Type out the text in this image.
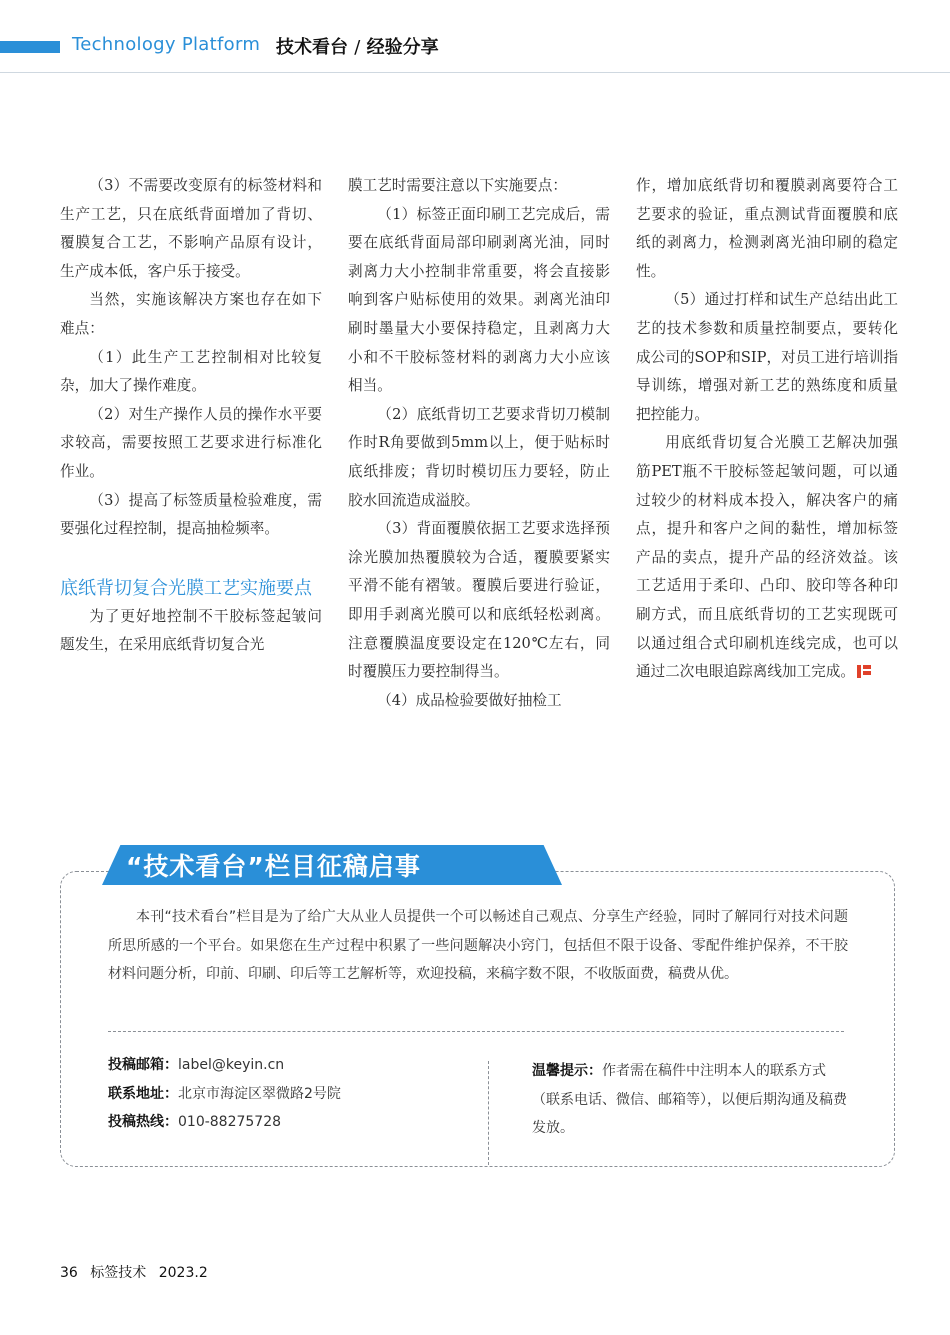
Technology Platform 技术看台 / 经验分享

（3）不需要改变原有的标签材料和生产工艺，只在底纸背面增加了背切、覆膜复合工艺，不影响产品原有设计，生产成本低，客户乐于接受。

当然，实施该解决方案也存在如下难点：

（1）此生产工艺控制相对比较复杂，加大了操作难度。

（2）对生产操作人员的操作水平要求较高，需要按照工艺要求进行标准化作业。

（3）提高了标签质量检验难度，需要强化过程控制，提高抽检频率。

底纸背切复合光膜工艺实施要点

为了更好地控制不干胶标签起皱问题发生，在采用底纸背切复合光

膜工艺时需要注意以下实施要点：

（1）标签正面印刷工艺完成后，需要在底纸背面局部印刷剥离光油，同时剥离力大小控制非常重要，将会直接影响到客户贴标使用的效果。剥离光油印刷时墨量大小要保持稳定，且剥离力大小和不干胶标签材料的剥离力大小应该相当。

（2）底纸背切工艺要求背切刀模制作时R角要做到5mm以上，便于贴标时底纸排废；背切时模切压力要轻，防止胶水回流造成溢胶。

（3）背面覆膜依据工艺要求选择预涂光膜加热覆膜较为合适，覆膜要紧实平滑不能有褶皱。覆膜后要进行验证，即用手剥离光膜可以和底纸轻松剥离。注意覆膜温度要设定在120℃左右，同时覆膜压力要控制得当。

（4）成品检验要做好抽检工

作，增加底纸背切和覆膜剥离要符合工艺要求的验证，重点测试背面覆膜和底纸的剥离力，检测剥离光油印刷的稳定性。

（5）通过打样和试生产总结出此工艺的技术参数和质量控制要点，要转化成公司的SOP和SIP，对员工进行培训指导训练，增强对新工艺的熟练度和质量把控能力。

用底纸背切复合光膜工艺解决加强筋PET瓶不干胶标签起皱问题，可以通过较少的材料成本投入，解决客户的痛点，提升和客户之间的黏性，增加标签产品的卖点，提升产品的经济效益。该工艺适用于柔印、凸印、胶印等各种印刷方式，而且底纸背切的工艺实现既可以通过组合式印刷机连线完成，也可以通过二次电眼追踪离线加工完成。

“技术看台”栏目征稿启事
本刊“技术看台”栏目是为了给广大从业人员提供一个可以畅述自己观点、分享生产经验，同时了解同行对技术问题所思所感的一个平台。如果您在生产过程中积累了一些问题解决小窍门，包括但不限于设备、零配件维护保养，不干胶材料问题分析，印前、印刷、印后等工艺解析等，欢迎投稿，来稿字数不限，不收版面费，稿费从优。
投稿邮箱：label@keyin.cn
联系地址：北京市海淀区翠微路2号院
投稿热线：010-88275728
温馨提示：作者需在稿件中注明本人的联系方式（联系电话、微信、邮箱等），以便后期沟通及稿费发放。
36 标签技术 2023.2
